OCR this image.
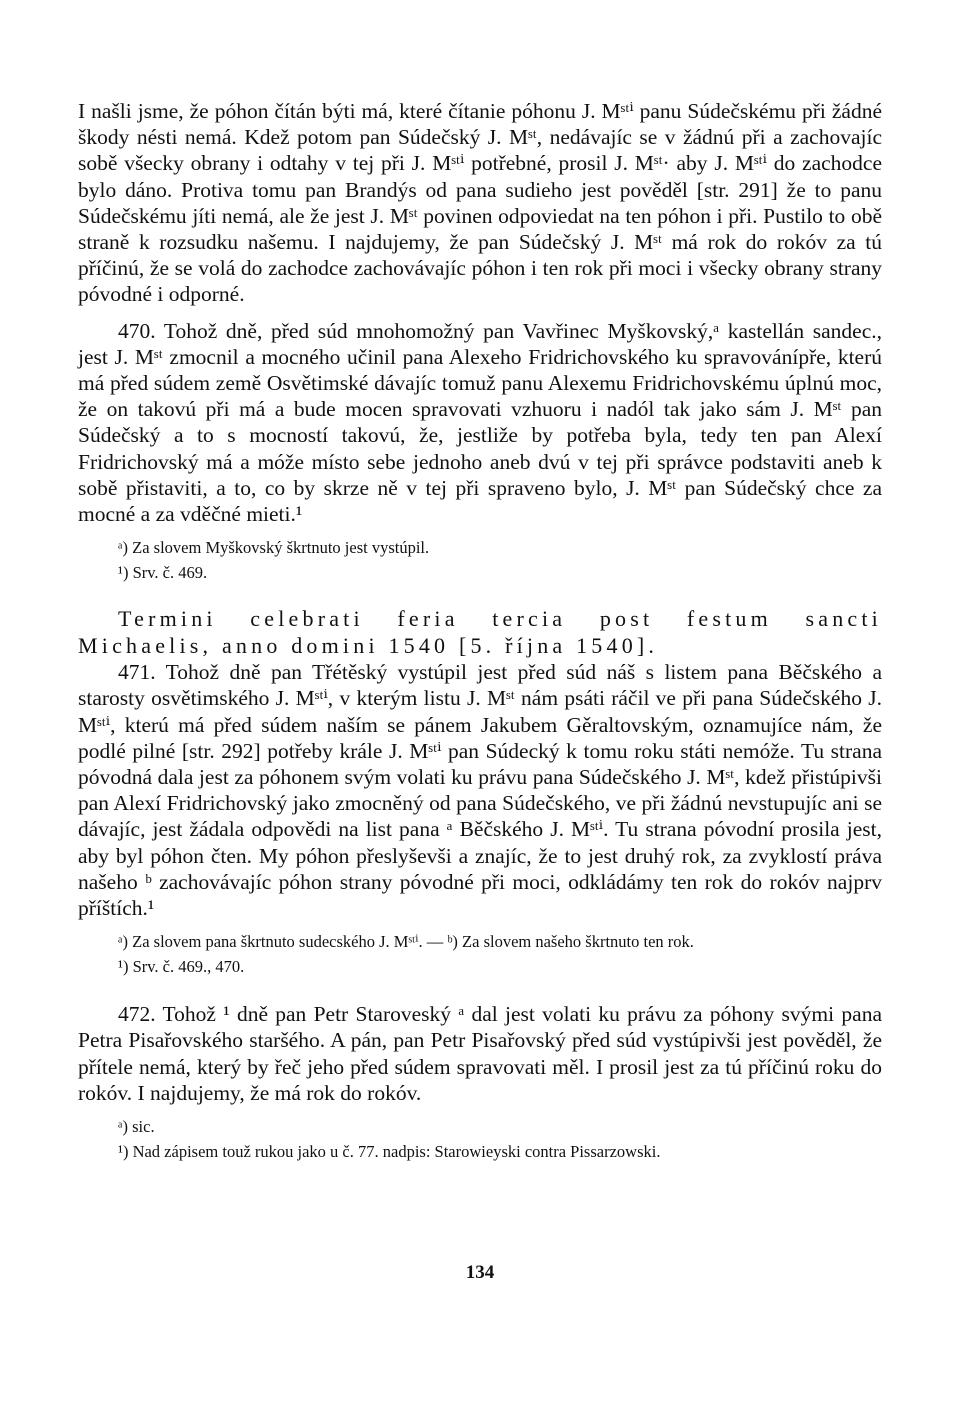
I našli jsme, že póhon čítán býti má, které čítanie póhonu J. Mˢᵗⁱ panu Súdečskému při žádné škody nésti nemá. Kdež potom pan Súdečský J. Mˢᵗ, nedávajíc se v žádnú při a zachovajíc sobě všecky obrany i odtahy v tej při J. Mˢᵗⁱ potřebné, prosil J. Mˢᵗ· aby J. Mˢᵗⁱ do zachodce bylo dáno. Protiva tomu pan Brandýs od pana sudieho jest pověděl [str. 291] že to panu Súdečskému jíti nemá, ale že jest J. Mˢᵗ povinen odpoviedat na ten póhon i při. Pustilo to obě straně k rozsudku našemu. I najdujemy, že pan Súdečský J. Mˢᵗ má rok do rokóv za tú příčinú, že se volá do zachodce zachovávajíc póhon i ten rok při moci i všecky obrany strany póvodné i odporné.

470. Tohož dně, před súd mnohomožný pan Vavřinec Myškovský,ᵃ kastellán sandec., jest J. Mˢᵗ zmocnil a mocného učinil pana Alexeho Fridrichovského ku spravovánípře, kterú má před súdem země Osvětimské dávajíc tomuž panu Alexemu Fridrichovskému úplnú moc, že on takovú při má a bude mocen spravovati vzhuoru i nadól tak jako sám J. Mˢᵗ pan Súdečský a to s mocností takovú, že, jestliže by potřeba byla, tedy ten pan Alexí Fridrichovský má a móže místo sebe jednoho aneb dvú v tej při správce podstaviti aneb k sobě přistaviti, a to, co by skrze ně v tej při spraveno bylo, J. Mˢᵗ pan Súdečský chce za mocné a za vděčné mieti.¹

ᵃ) Za slovem Myškovský škrtnuto jest vystúpil.

¹) Srv. č. 469.

Termini celebrati feria tercia post festum sancti Michaelis, anno domini 1540 [5. října 1540].

471. Tohož dně pan Třétěský vystúpil jest před súd náš s listem pana Běčského a starosty osvětimského J. Mˢᵗⁱ, v kterým listu J. Mˢᵗ nám psáti ráčil ve při pana Súdečského J. Mˢᵗⁱ, kterú má před súdem naším se pánem Jakubem Gěraltovským, oznamujíce nám, že podlé pilné [str. 292] potřeby krále J. Mˢᵗⁱ pan Súdecký k tomu roku státi nemóže. Tu strana póvodná dala jest za póhonem svým volati ku právu pana Súdečského J. Mˢᵗ, kdež přistúpivši pan Alexí Fridrichovský jako zmocněný od pana Súdečského, ve při žádnú nevstupujíc ani se dávajíc, jest žádala odpovědi na list pana ᵃ Běčského J. Mˢᵗⁱ. Tu strana póvodní prosila jest, aby byl póhon čten. My póhon přeslyševši a znajíc, že to jest druhý rok, za zvyklostí práva našeho ᵇ zachovávajíc póhon strany póvodné při moci, odkládámy ten rok do rokóv najprv příštích.¹

ᵃ) Za slovem pana škrtnuto sudecského J. Mˢᵗⁱ. — ᵇ) Za slovem našeho škrtnuto ten rok.

¹) Srv. č. 469., 470.

472. Tohož ¹ dně pan Petr Staroveský ᵃ dal jest volati ku právu za póhony svými pana Petra Pisařovského staršého. A pán, pan Petr Pisařovský před súd vystúpivši jest pověděl, že přítele nemá, který by řeč jeho před súdem spravovati měl. I prosil jest za tú příčinú roku do rokóv. I najdujemy, že má rok do rokóv.

ᵃ) sic.

¹) Nad zápisem touž rukou jako u č. 77. nadpis: Starowieyski contra Pissarzowski.

134
